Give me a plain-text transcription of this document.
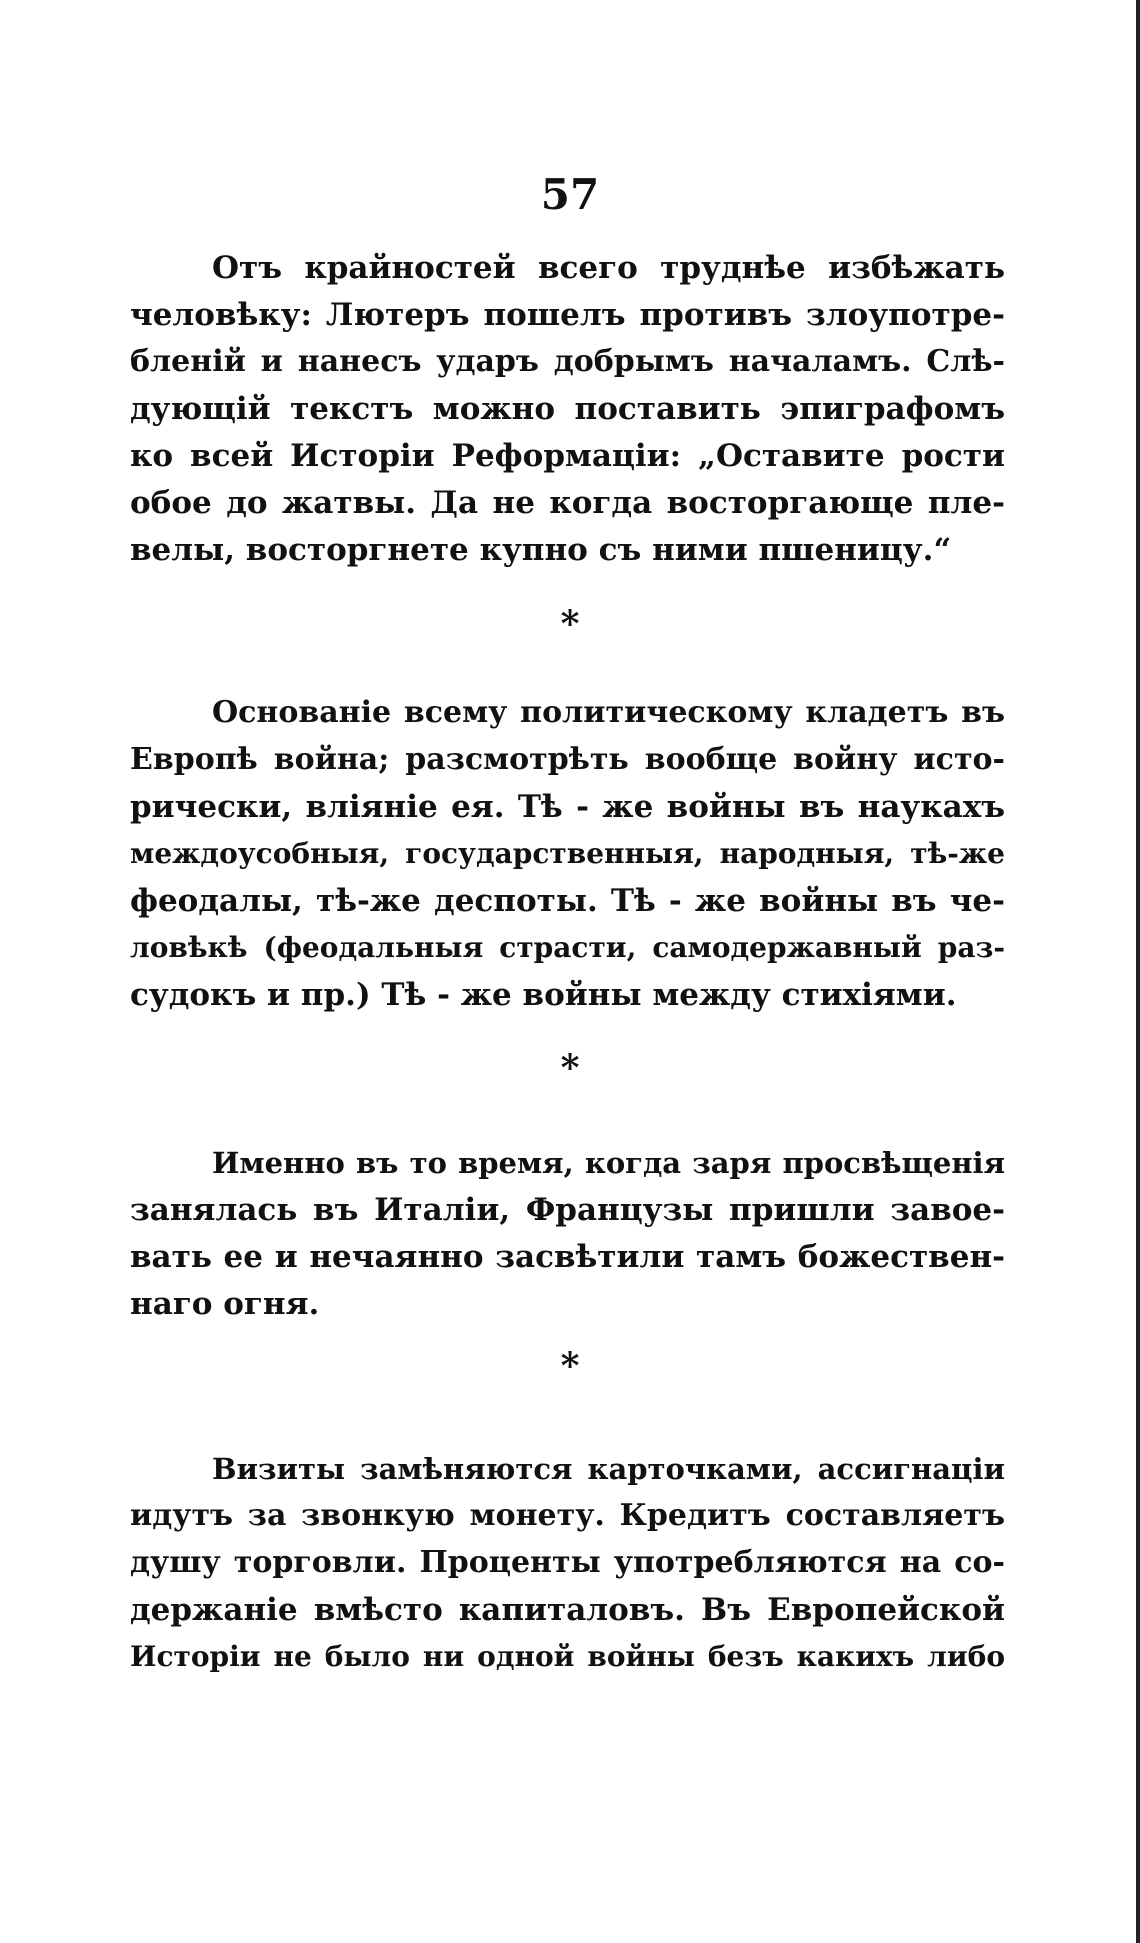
57
Отъ крайностей всего труднѣе избѣжать
человѣку: Лютеръ пошелъ противъ злоупотре-
бленій и нанесъ ударъ добрымъ началамъ. Слѣ-
дующій текстъ можно поставить эпиграфомъ
ко всей Исторіи Реформаціи: „Оставите рости
обое до жатвы. Да не когда восторгающе пле-
велы, восторгнете купно съ ними пшеницу.“
*
Основаніе всему политическому кладетъ въ
Европѣ война; разсмотрѣть вообще войну исто-
рически, вліяніе ея. Тѣ - же войны въ наукахъ
междоусобныя, государственныя, народныя, тѣ-же
феодалы, тѣ-же деспоты. Тѣ - же войны въ че-
ловѣкѣ (феодальныя страсти, самодержавный раз-
судокъ и пр.) Тѣ - же войны между стихіями.
*
Именно въ то время, когда заря просвѣщенія
занялась въ Италіи, Французы пришли завое-
вать ее и нечаянно засвѣтили тамъ божествен-
наго огня.
*
Визиты замѣняются карточками, ассигнаціи
идутъ за звонкую монету. Кредитъ составляетъ
душу торговли. Проценты употребляются на со-
держаніе вмѣсто капиталовъ. Въ Европейской
Исторіи не было ни одной войны безъ какихъ либо
